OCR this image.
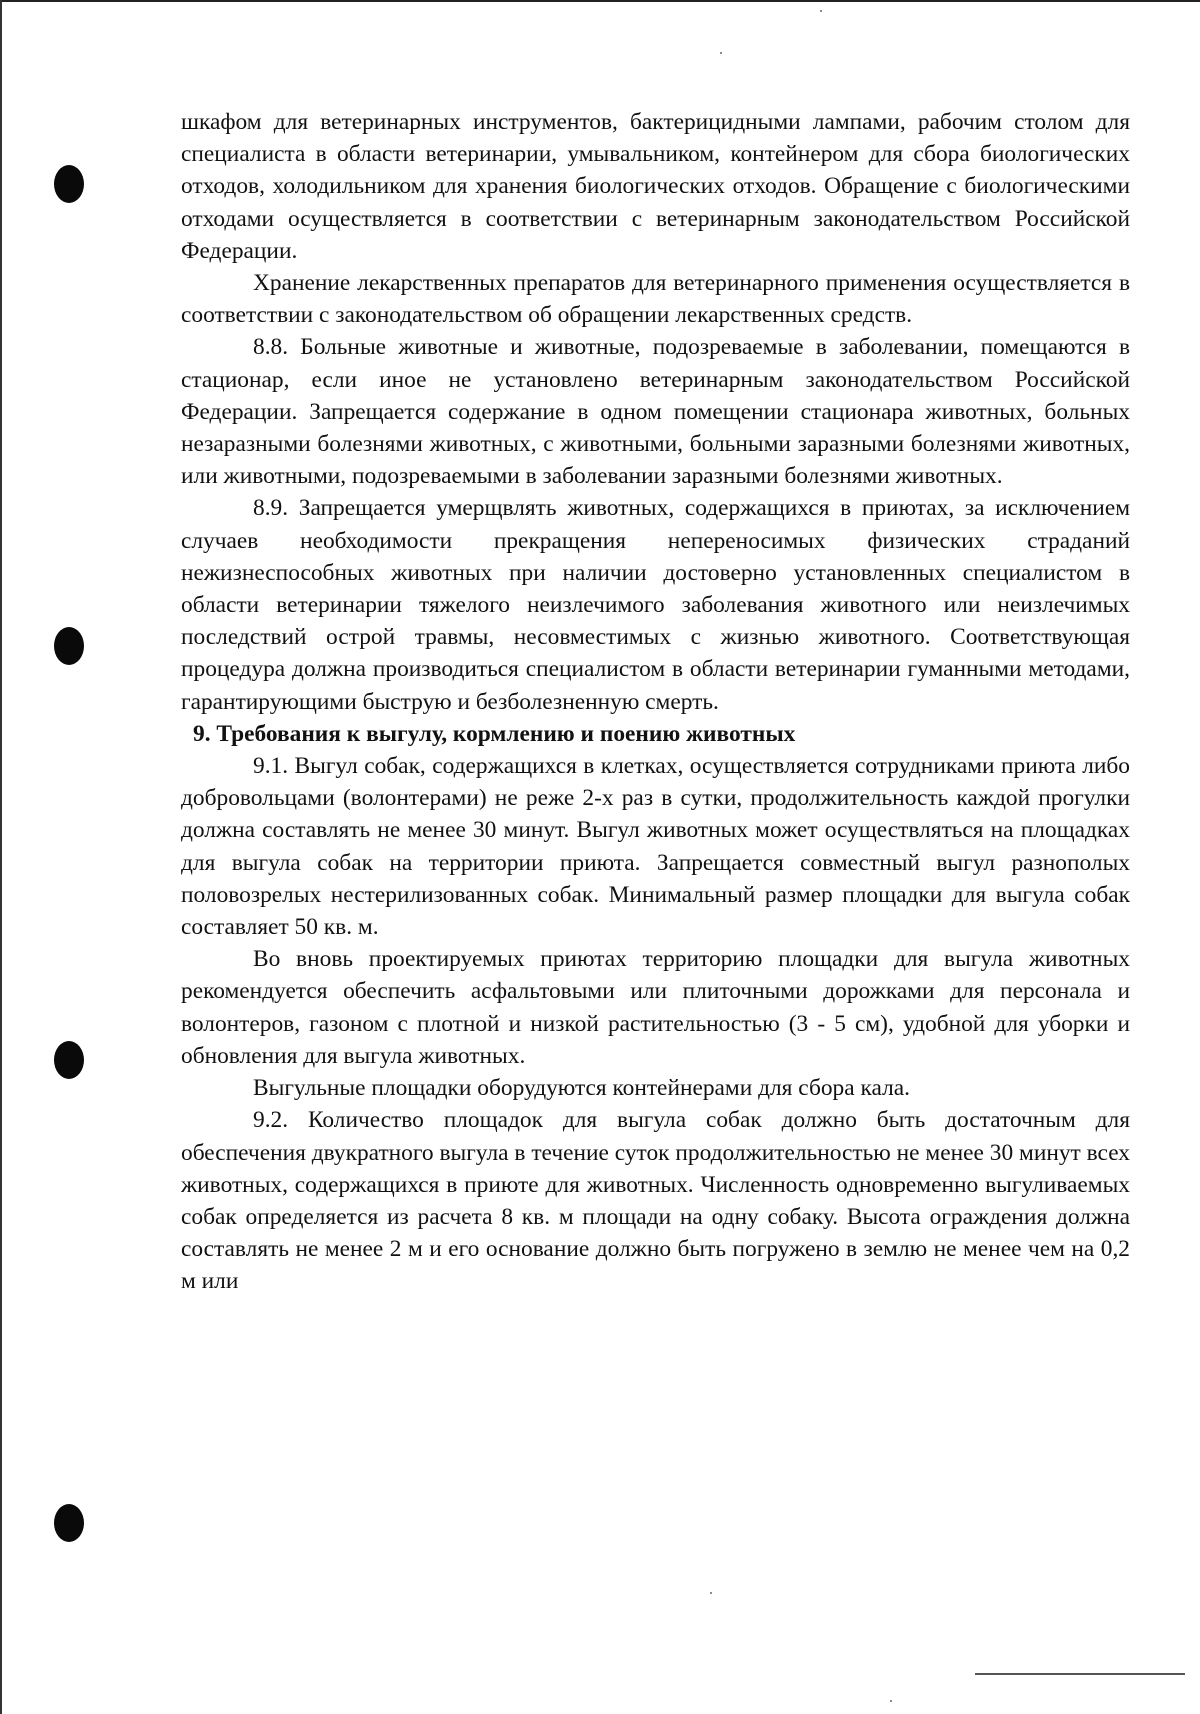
шкафом для ветеринарных инструментов, бактерицидными лампами, рабочим столом для специалиста в области ветеринарии, умывальником, контейнером для сбора биологических отходов, холодильником для хранения биологических отходов. Обращение с биологическими отходами осуществляется в соответствии с ветеринарным законодательством Российской Федерации.

Хранение лекарственных препаратов для ветеринарного применения осуществляется в соответствии с законодательством об обращении лекарственных средств.

8.8. Больные животные и животные, подозреваемые в заболевании, помещаются в стационар, если иное не установлено ветеринарным законодательством Российской Федерации. Запрещается содержание в одном помещении стационара животных, больных незаразными болезнями животных, с животными, больными заразными болезнями животных, или животными, подозреваемыми в заболевании заразными болезнями животных.

8.9. Запрещается умерщвлять животных, содержащихся в приютах, за исключением случаев необходимости прекращения непереносимых физических страданий нежизнеспособных животных при наличии достоверно установленных специалистом в области ветеринарии тяжелого неизлечимого заболевания животного или неизлечимых последствий острой травмы, несовместимых с жизнью животного. Соответствующая процедура должна производиться специалистом в области ветеринарии гуманными методами, гарантирующими быструю и безболезненную смерть.

9. Требования к выгулу, кормлению и поению животных

9.1. Выгул собак, содержащихся в клетках, осуществляется сотрудниками приюта либо добровольцами (волонтерами) не реже 2-х раз в сутки, продолжительность каждой прогулки должна составлять не менее 30 минут. Выгул животных может осуществляться на площадках для выгула собак на территории приюта. Запрещается совместный выгул разнополых половозрелых нестерилизованных собак. Минимальный размер площадки для выгула собак составляет 50 кв. м.

Во вновь проектируемых приютах территорию площадки для выгула животных рекомендуется обеспечить асфальтовыми или плиточными дорожками для персонала и волонтеров, газоном с плотной и низкой растительностью (3 - 5 см), удобной для уборки и обновления для выгула животных.

Выгульные площадки оборудуются контейнерами для сбора кала.

9.2. Количество площадок для выгула собак должно быть достаточным для обеспечения двукратного выгула в течение суток продолжительностью не менее 30 минут всех животных, содержащихся в приюте для животных. Численность одновременно выгуливаемых собак определяется из расчета 8 кв. м площади на одну собаку. Высота ограждения должна составлять не менее 2 м и его основание должно быть погружено в землю не менее чем на 0,2 м или
